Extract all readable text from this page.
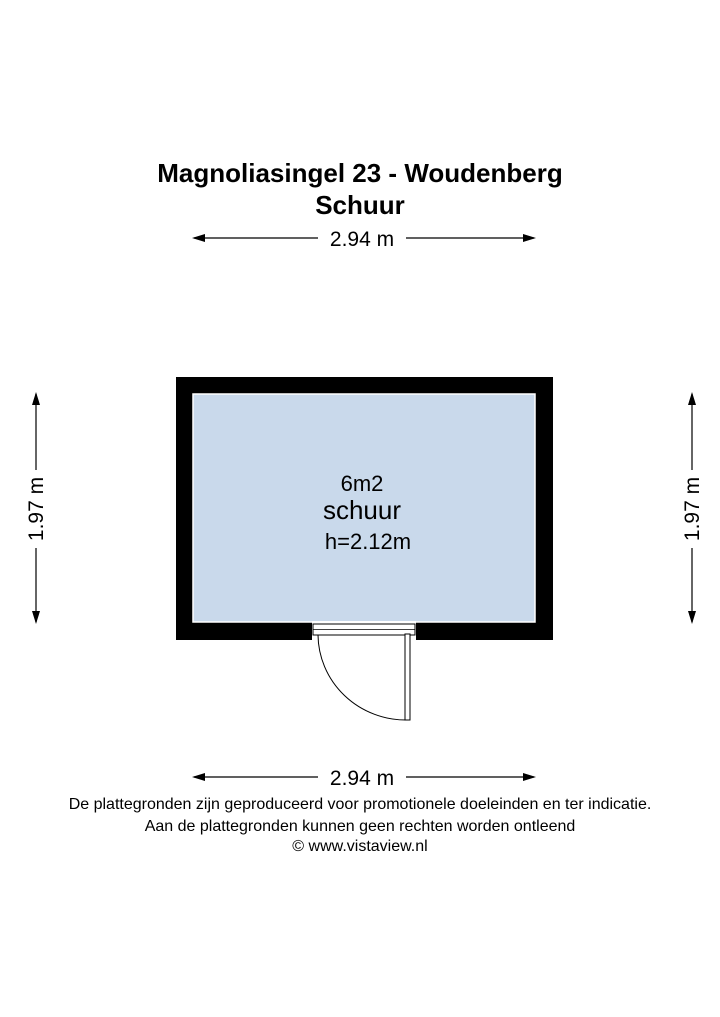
Magnoliasingel 23 - Woudenberg
Schuur
2.94 m
1.97 m	1.97 m
6m2
schuur
h=2.12m
2.94 m
De plattegronden zijn geproduceerd voor promotionele doeleinden en ter indicatie.
Aan de plattegronden kunnen geen rechten worden ontleend
© www.vistaview.nl
